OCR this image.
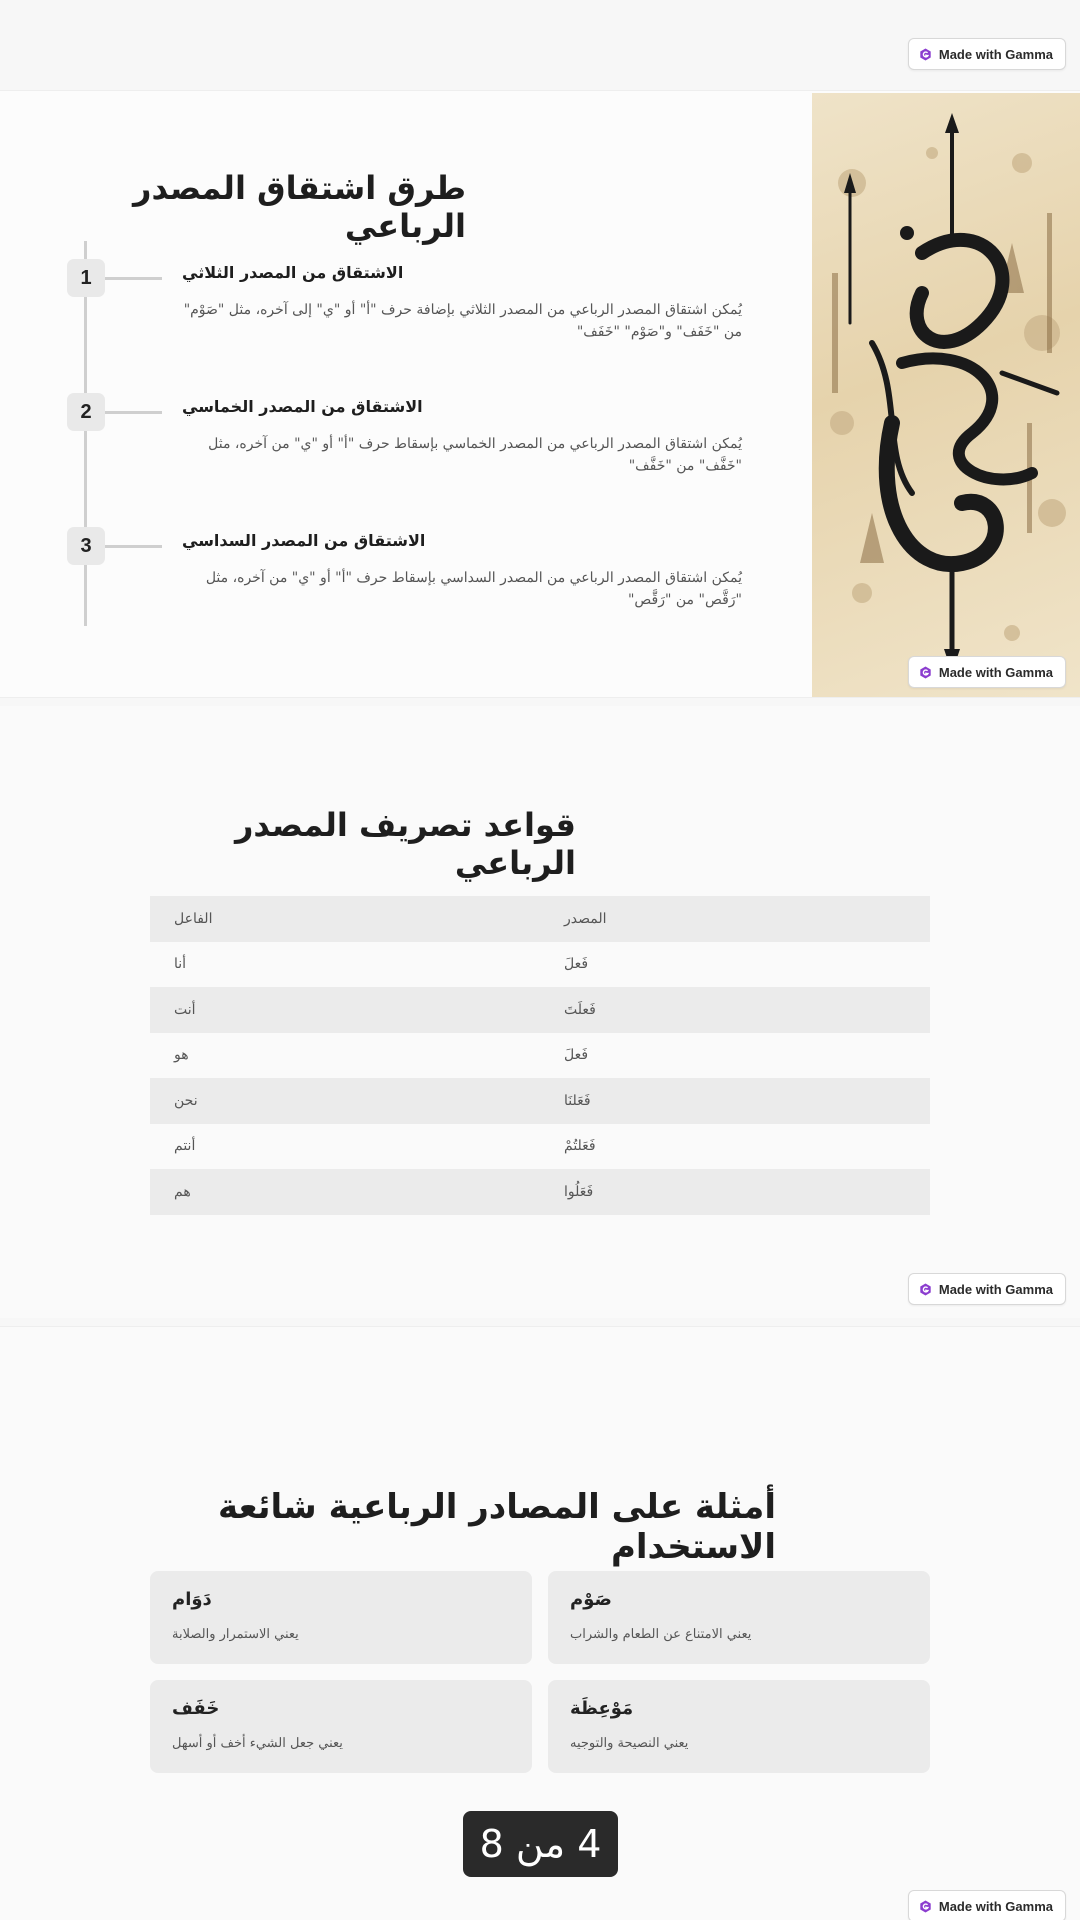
Made with Gamma
طرق اشتقاق المصدر الرباعي
1	الاشتقاق من المصدر الثلاثي
يُمكن اشتقاق المصدر الرباعي من المصدر الثلاثي بإضافة حرف "أ" أو "ي" إلى آخره، مثل "صَوْم" من "خَفَف" و"صَوْم" "خَفَف"
2	الاشتقاق من المصدر الخماسي
يُمكن اشتقاق المصدر الرباعي من المصدر الخماسي بإسقاط حرف "أ" أو "ي" من آخره، مثل "خَفَّف" من "خَفَّف"
3	الاشتقاق من المصدر السداسي
يُمكن اشتقاق المصدر الرباعي من المصدر السداسي بإسقاط حرف "أ" أو "ي" من آخره، مثل "رَقَّص" من "رَقَّص"
Made with Gamma
قواعد تصريف المصدر الرباعي
الفاعل	المصدر
أنا	فَعلَ
أنت	فَعلَتَ
هو	فَعلَ
نحن	فَعَلنَا
أنتم	فَعَلتُمْ
هم	فَعَلُوا
Made with Gamma
أمثلة على المصادر الرباعية شائعة الاستخدام
صَوْم
يعني الامتناع عن الطعام والشراب
دَوَام
يعني الاستمرار والصلابة
مَوْعِظَة
يعني النصيحة والتوجيه
خَفَف
يعني جعل الشيء أخف أو أسهل
4 من 8
Made with Gamma
